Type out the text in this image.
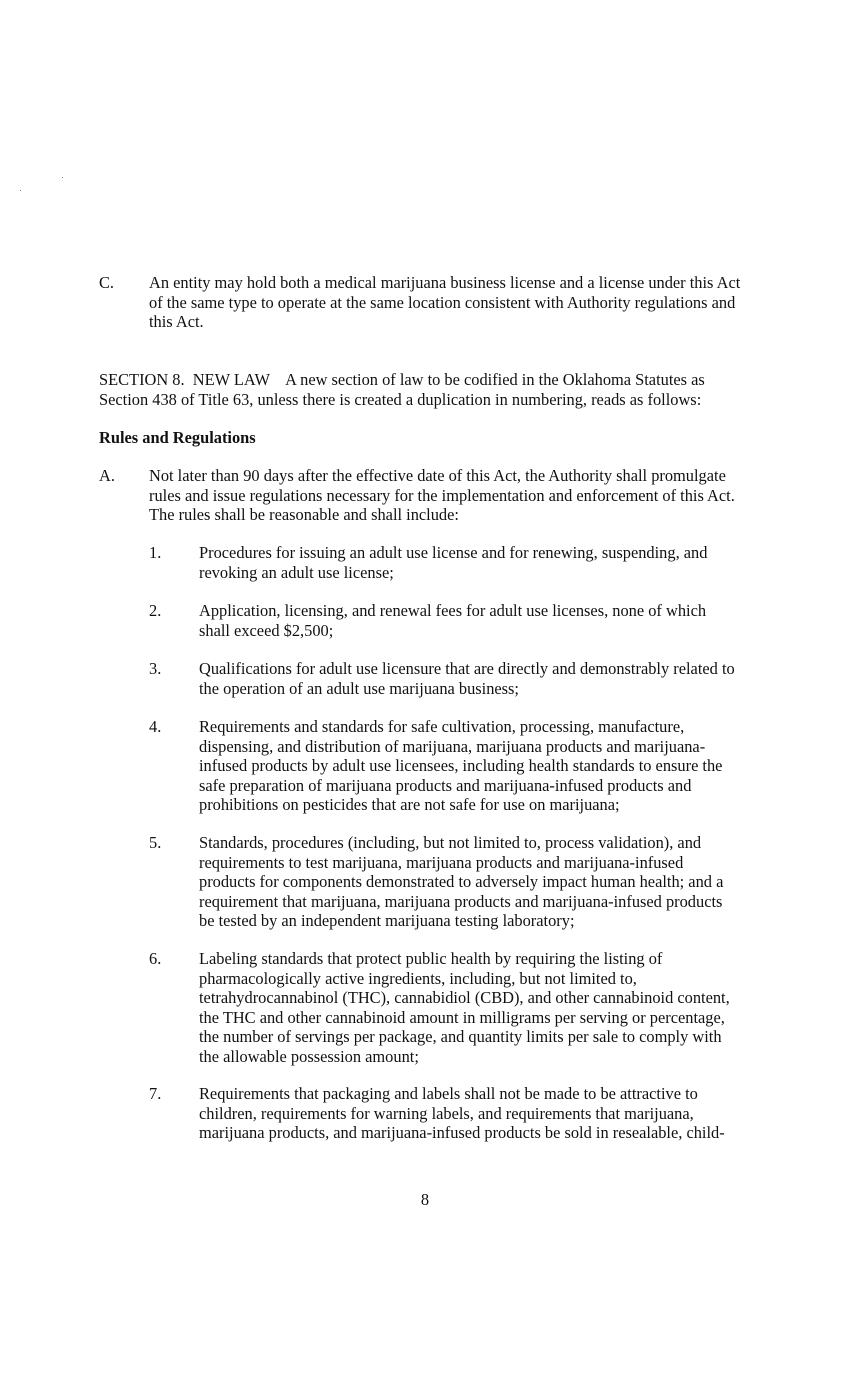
C. An entity may hold both a medical marijuana business license and a license under this Act of the same type to operate at the same location consistent with Authority regulations and this Act.
SECTION 8.  NEW LAW    A new section of law to be codified in the Oklahoma Statutes as Section 438 of Title 63, unless there is created a duplication in numbering, reads as follows:
Rules and Regulations
A. Not later than 90 days after the effective date of this Act, the Authority shall promulgate rules and issue regulations necessary for the implementation and enforcement of this Act. The rules shall be reasonable and shall include:
1. Procedures for issuing an adult use license and for renewing, suspending, and revoking an adult use license;
2. Application, licensing, and renewal fees for adult use licenses, none of which shall exceed $2,500;
3. Qualifications for adult use licensure that are directly and demonstrably related to the operation of an adult use marijuana business;
4. Requirements and standards for safe cultivation, processing, manufacture, dispensing, and distribution of marijuana, marijuana products and marijuana-infused products by adult use licensees, including health standards to ensure the safe preparation of marijuana products and marijuana-infused products and prohibitions on pesticides that are not safe for use on marijuana;
5. Standards, procedures (including, but not limited to, process validation), and requirements to test marijuana, marijuana products and marijuana-infused products for components demonstrated to adversely impact human health; and a requirement that marijuana, marijuana products and marijuana-infused products be tested by an independent marijuana testing laboratory;
6. Labeling standards that protect public health by requiring the listing of pharmacologically active ingredients, including, but not limited to, tetrahydrocannabinol (THC), cannabidiol (CBD), and other cannabinoid content, the THC and other cannabinoid amount in milligrams per serving or percentage, the number of servings per package, and quantity limits per sale to comply with the allowable possession amount;
7. Requirements that packaging and labels shall not be made to be attractive to children, requirements for warning labels, and requirements that marijuana, marijuana products, and marijuana-infused products be sold in resealable, child-
8
